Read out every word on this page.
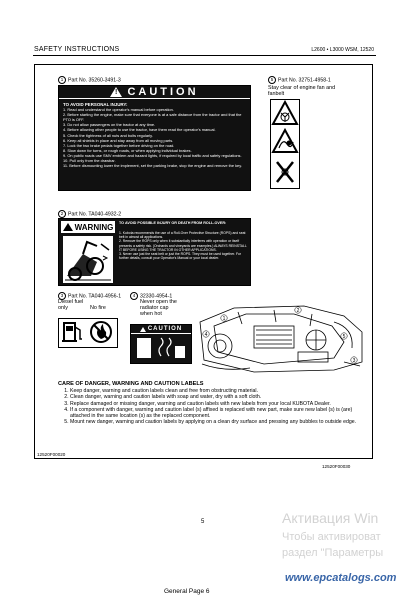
SAFETY INSTRUCTIONS	L2600 • L3000 WSM, 12520
1 Part No. 35260-3491-3
! CAUTION
TO AVOID PERSONAL INJURY:
1. Read and understand the operator's manual before operation.
2. Before starting the engine, make sure that everyone is at a safe distance from the tractor and that the PTO is OFF.
3. Do not allow passengers on the tractor at any time.
4. Before allowing other people to use the tractor, have them read the operator's manual.
5. Check the tightness of all nuts and bolts regularly.
6. Keep all shields in place and stay away from all moving parts.
7. Lock the two brake pedals together before driving on the road.
8. Slow down for turns, or rough roads, or when applying individual brakes.
9. On public roads use SMV emblem and hazard lights, if required by local traffic and safety regulations.
10. Pull only from the drawbar.
11. Before dismounting lower the implement, set the parking brake, stop the engine and remove the key.
5 Part No. 32751-4958-1
Stay clear of engine fan and fanbelt
2 Part No. TA040-4932-2
WARNING TO AVOID POSSIBLE INJURY OR DEATH FROM ROLL-OVER:
1. Kubota recommends the use of a Roll-Over Protective Structure (ROPS) and seat belt in almost all applications.
2. Remove the ROPS only when it substantially interferes with operation or itself presents a safety risk. (Orchards and vineyards are examples.) ALWAYS REINSTALL IT BEFORE USING THE TRACTOR IN OTHER APPLICATIONS.
3. Never use just the seat belt or just the ROPS. They must be used together. For further details, consult your Operator's Manual or your local dealer.
3 Part No. TA040-4956-1
Diesel fuel only	No fire
4 32330-4954-1
Never open the radiator cap when hot
CAUTION
1
2
5
4
3
CARE OF DANGER, WARNING AND CAUTION LABELS
1. Keep danger, warning and caution labels clean and free from obstructing material.
2. Clean danger, warning and caution labels with soap and water, dry with a soft cloth.
3. Replace damaged or missing danger, warning and caution labels with new labels from your local KUBOTA Dealer.
4. If a component with danger, warning and caution label (s) affixed is replaced with new part, make sure new label (s) is (are) attached in the same location (s) as the replaced component.
5. Mount new danger, warning and caution labels by applying on a clean dry surface and pressing any bubbles to outside edge.
12520F00020
12520F00030
5	Активация Win
Чтобы активироват
раздел "Параметры
www.epcatalogs.com
General Page 6
